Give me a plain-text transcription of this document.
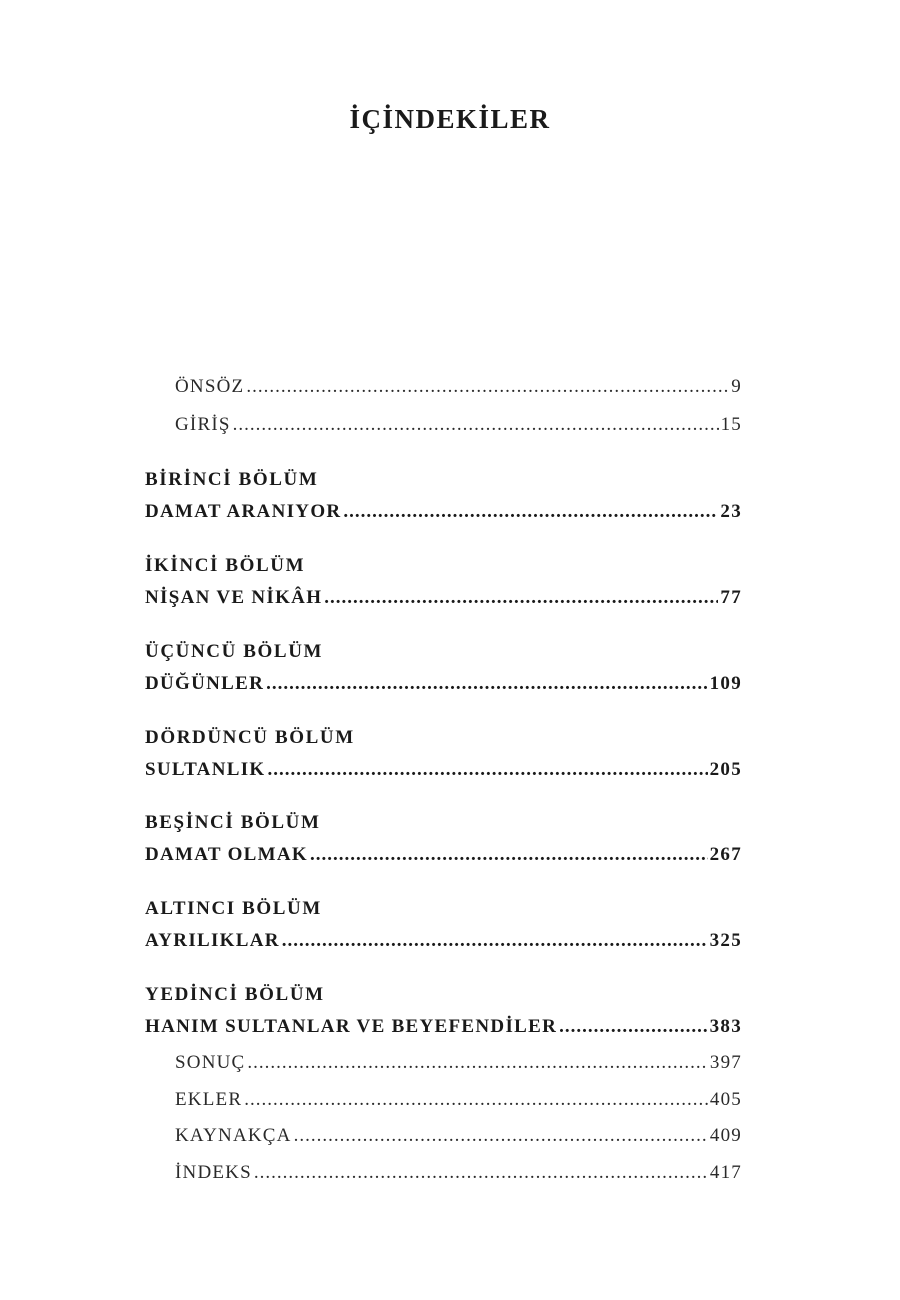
İÇİNDEKİLER
ÖNSÖZ .....	9
GİRİŞ .....	15
BİRİNCİ BÖLÜM
DAMAT ARANIYOR .....	23
İKİNCİ BÖLÜM
NİŞAN VE NİKÂH .....	77
ÜÇÜNCÜ BÖLÜM
DÜĞÜNLER .....	109
DÖRDÜNCÜ BÖLÜM
SULTANLIK .....	205
BEŞİNCİ BÖLÜM
DAMAT OLMAK .....	267
ALTINCI BÖLÜM
AYRILIKLAR .....	325
YEDİNCİ BÖLÜM
HANIM SULTANLAR VE BEYEFENDİLER .....	383
SONUÇ .....	397
EKLER .....	405
KAYNAKÇA .....	409
İNDEKS .....	417
